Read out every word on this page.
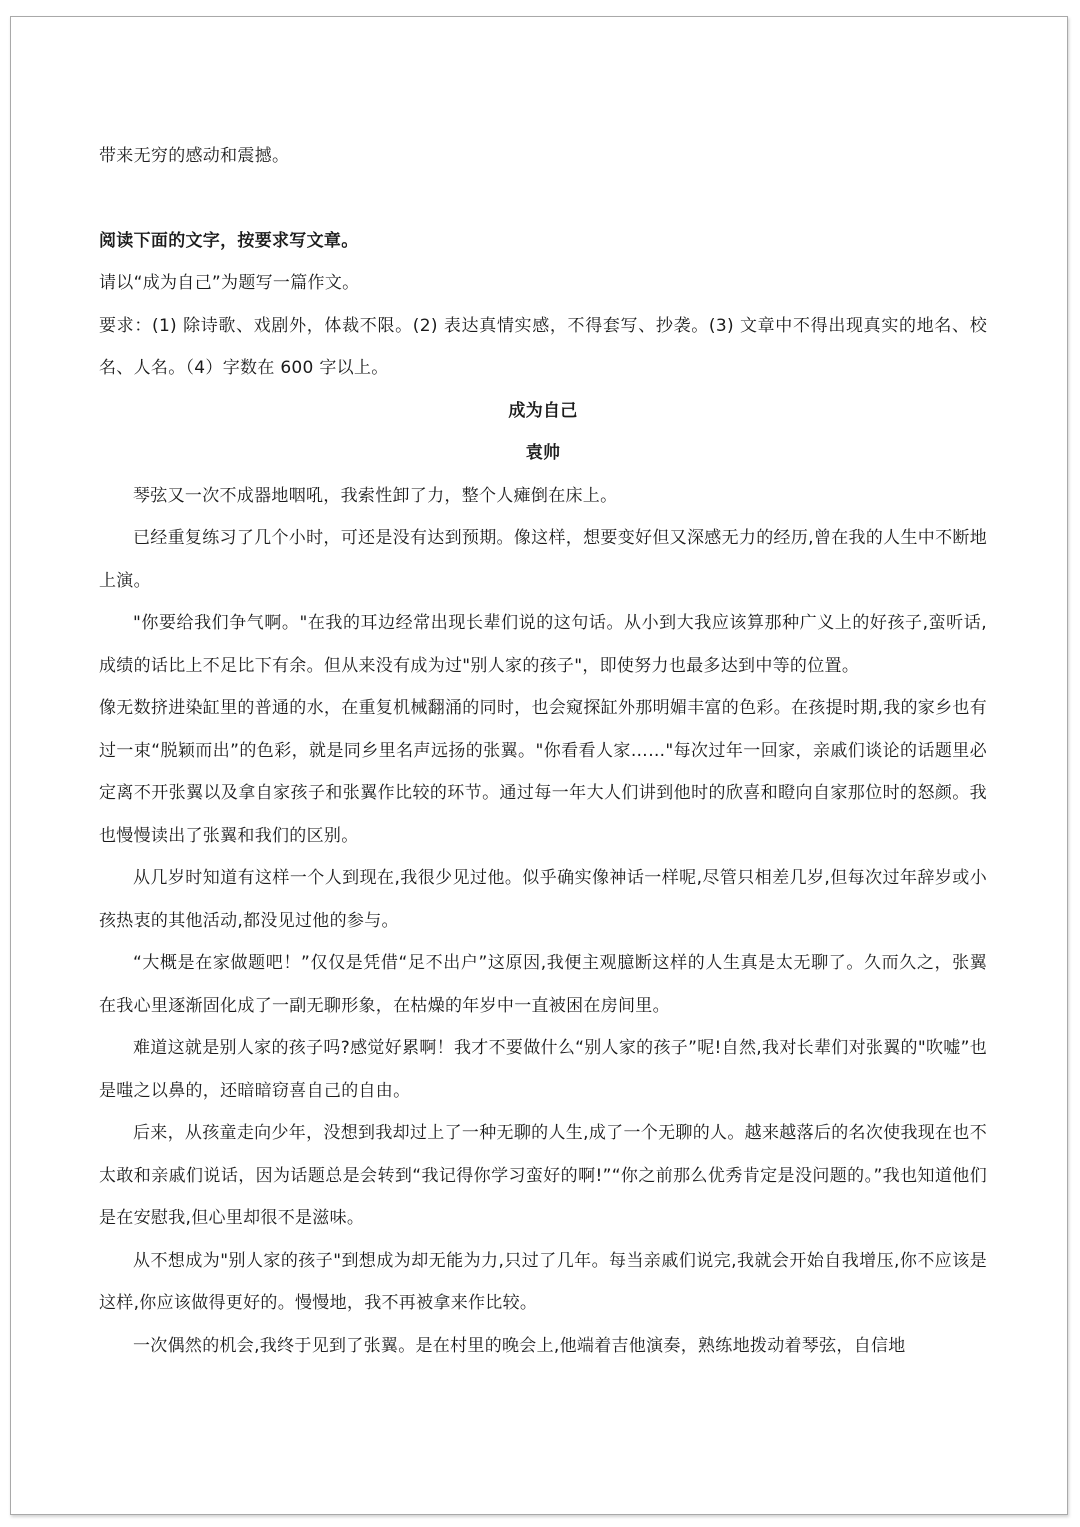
带来无穷的感动和震撼。

阅读下面的文字，按要求写文章。

请以“成为自己”为题写一篇作文。

要求：(1) 除诗歌、戏剧外，体裁不限。(2) 表达真情实感，不得套写、抄袭。(3) 文章中不得出现真实的地名、校名、人名。（4）字数在 600 字以上。

成为自己

袁帅

琴弦又一次不成器地咽吼，我索性卸了力，整个人瘫倒在床上。

已经重复练习了几个小时，可还是没有达到预期。像这样，想要变好但又深感无力的经历,曾在我的人生中不断地上演。

"你要给我们争气啊。"在我的耳边经常出现长辈们说的这句话。从小到大我应该算那种广义上的好孩子,蛮听话,成绩的话比上不足比下有余。但从来没有成为过"别人家的孩子"，即使努力也最多达到中等的位置。

像无数挤进染缸里的普通的水，在重复机械翻涌的同时，也会窥探缸外那明媚丰富的色彩。在孩提时期,我的家乡也有过一束“脱颖而出”的色彩，就是同乡里名声远扬的张翼。"你看看人家……"每次过年一回家，亲戚们谈论的话题里必定离不开张翼以及拿自家孩子和张翼作比较的环节。通过每一年大人们讲到他时的欣喜和瞪向自家那位时的怒颜。我也慢慢读出了张翼和我们的区别。

从几岁时知道有这样一个人到现在,我很少见过他。似乎确实像神话一样呢,尽管只相差几岁,但每次过年辞岁或小孩热衷的其他活动,都没见过他的参与。

“大概是在家做题吧！”仅仅是凭借“足不出户”这原因,我便主观臆断这样的人生真是太无聊了。久而久之，张翼在我心里逐渐固化成了一副无聊形象，在枯燥的年岁中一直被困在房间里。

难道这就是别人家的孩子吗?感觉好累啊！我才不要做什么“别人家的孩子”呢!自然,我对长辈们对张翼的"吹嘘”也是嗤之以鼻的，还暗暗窃喜自己的自由。

后来，从孩童走向少年，没想到我却过上了一种无聊的人生,成了一个无聊的人。越来越落后的名次使我现在也不太敢和亲戚们说话，因为话题总是会转到“我记得你学习蛮好的啊!”“你之前那么优秀肯定是没问题的。”我也知道他们是在安慰我,但心里却很不是滋味。

从不想成为"别人家的孩子"到想成为却无能为力,只过了几年。每当亲戚们说完,我就会开始自我增压,你不应该是这样,你应该做得更好的。慢慢地，我不再被拿来作比较。

一次偶然的机会,我终于见到了张翼。是在村里的晚会上,他端着吉他演奏，熟练地拨动着琴弦，自信地
